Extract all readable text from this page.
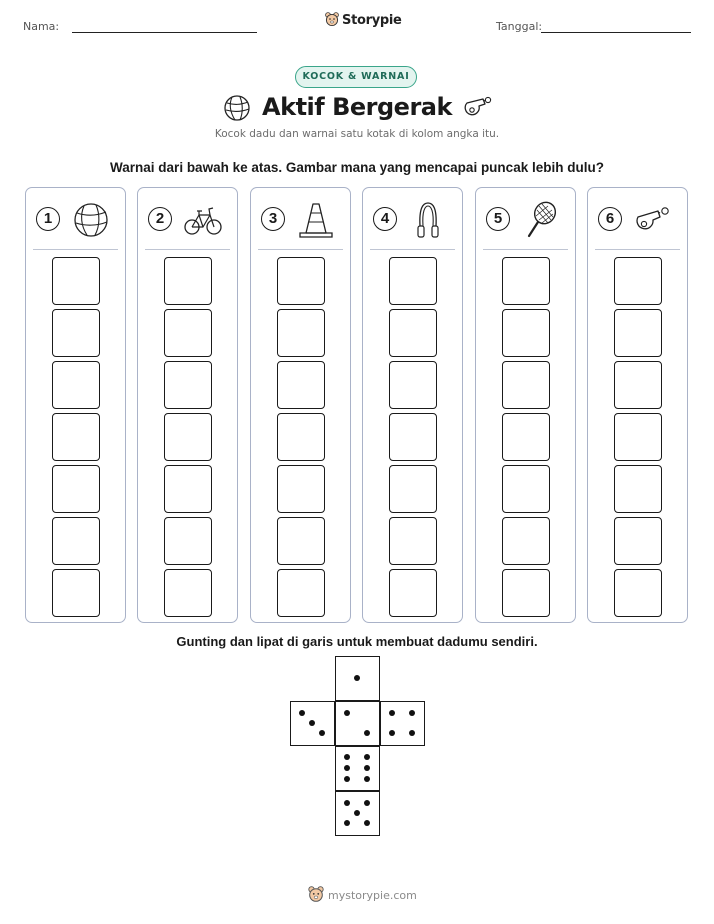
Nama:	Storypie	Tanggal:
KOCOK & WARNAI
Aktif Bergerak
Kocok dadu dan warnai satu kotak di kolom angka itu.
Warnai dari bawah ke atas. Gambar mana yang mencapai puncak lebih dulu?
1	2	3	4	5	6
Gunting dan lipat di garis untuk membuat dadumu sendiri.
mystorypie.com
